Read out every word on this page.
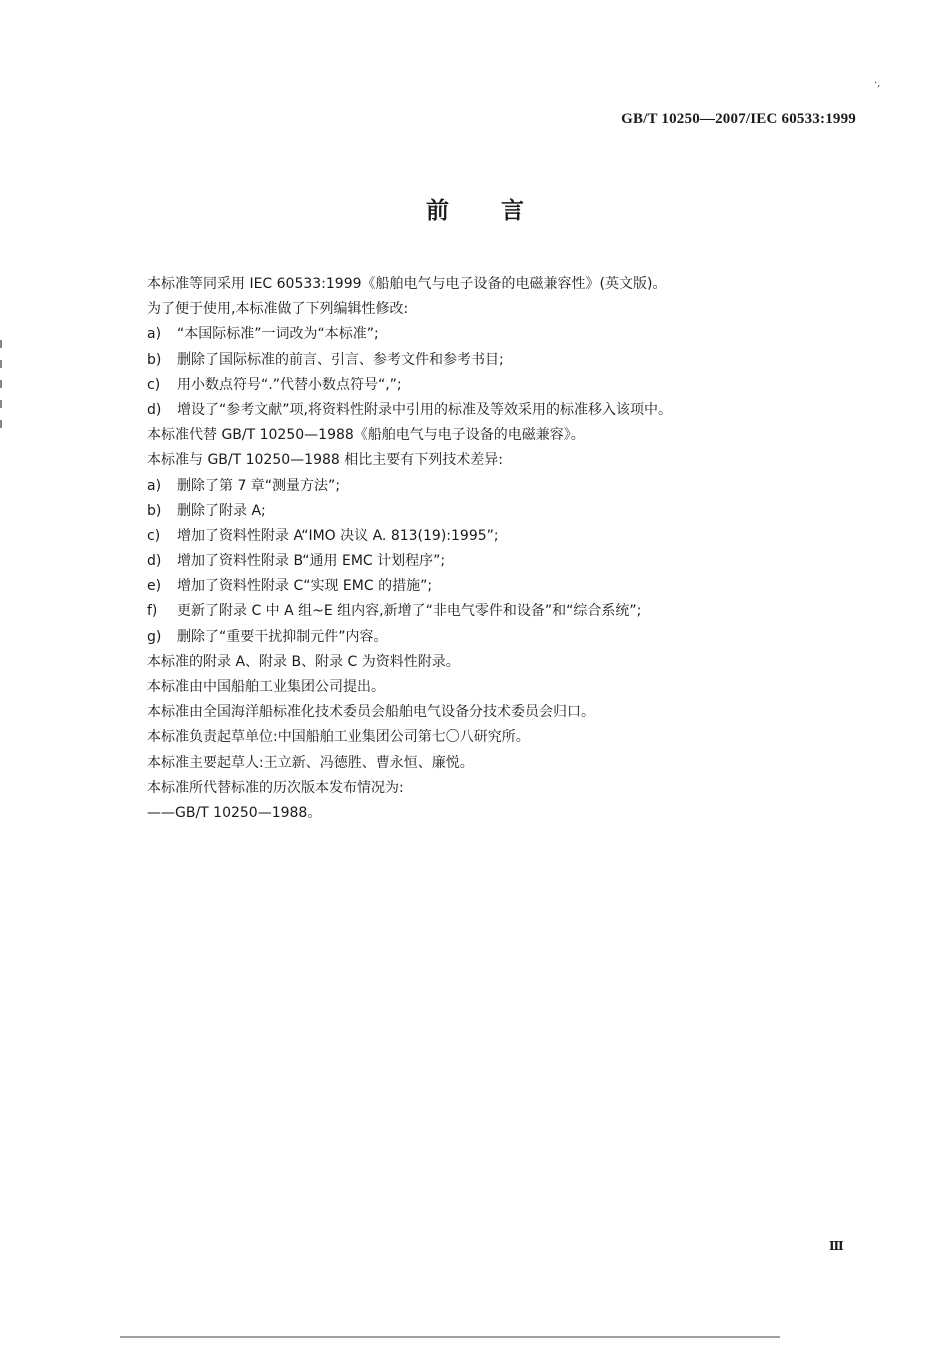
·,
GB/T 10250—2007/IEC 60533:1999
前言
本标准等同采用 IEC 60533:1999《船舶电气与电子设备的电磁兼容性》(英文版)。
为了便于使用,本标准做了下列编辑性修改:
a) “本国际标准”一词改为“本标准”;
b) 删除了国际标准的前言、引言、参考文件和参考书目;
c) 用小数点符号“.”代替小数点符号“,”;
d) 增设了“参考文献”项,将资料性附录中引用的标准及等效采用的标准移入该项中。
本标准代替 GB/T 10250—1988《船舶电气与电子设备的电磁兼容》。
本标准与 GB/T 10250—1988 相比主要有下列技术差异:
a) 删除了第 7 章“测量方法”;
b) 删除了附录 A;
c) 增加了资料性附录 A“IMO 决议 A. 813(19):1995”;
d) 增加了资料性附录 B“通用 EMC 计划程序”;
e) 增加了资料性附录 C“实现 EMC 的措施”;
f) 更新了附录 C 中 A 组~E 组内容,新增了“非电气零件和设备”和“综合系统”;
g) 删除了“重要干扰抑制元件”内容。
本标准的附录 A、附录 B、附录 C 为资料性附录。
本标准由中国船舶工业集团公司提出。
本标准由全国海洋船标准化技术委员会船舶电气设备分技术委员会归口。
本标准负责起草单位:中国船舶工业集团公司第七〇八研究所。
本标准主要起草人:王立新、冯德胜、曹永恒、廉悦。
本标准所代替标准的历次版本发布情况为:
——GB/T 10250—1988。
Ⅲ
